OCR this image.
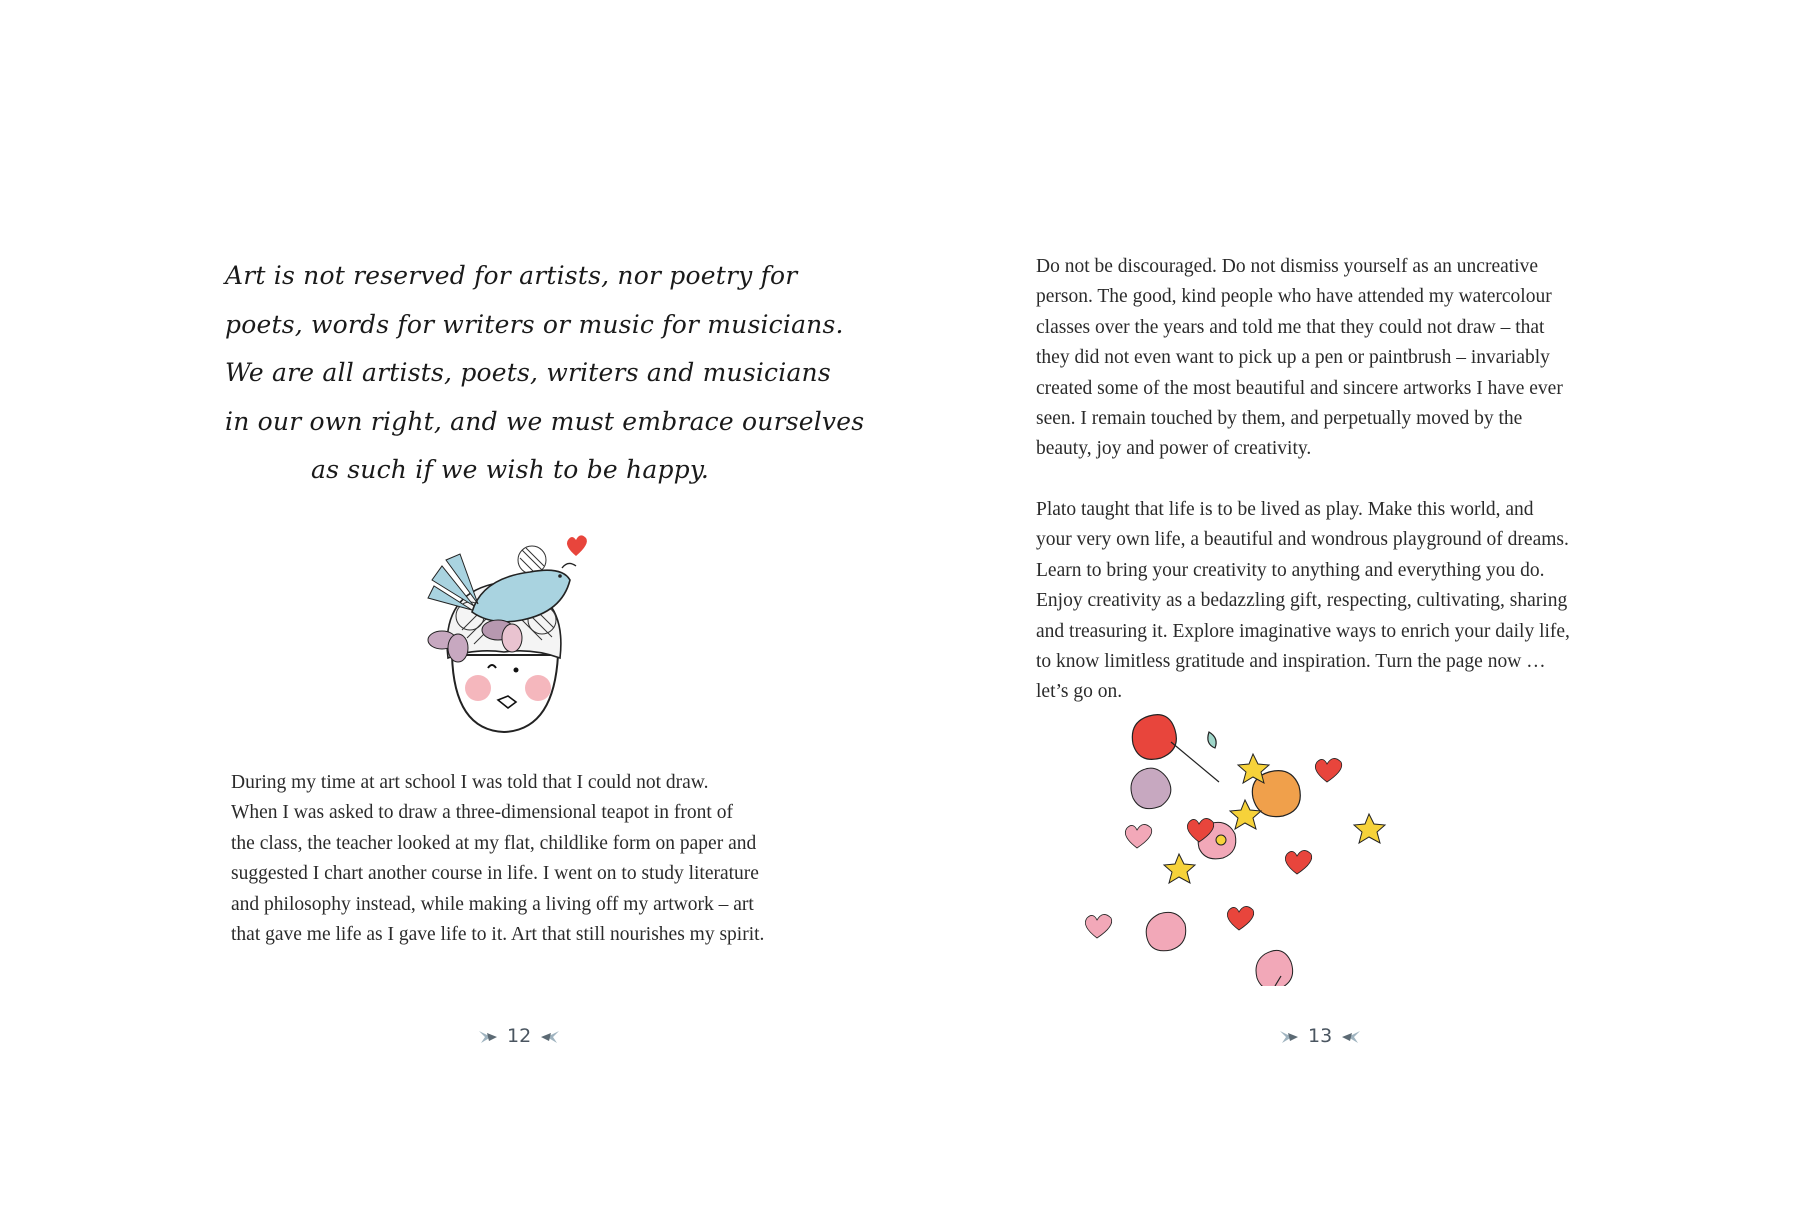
Art is not reserved for artists, nor poetry for
poets, words for writers or music for musicians.
We are all artists, poets, writers and musicians
in our own right, and we must embrace ourselves
as such if we wish to be happy.
During my time at art school I was told that I could not draw.
When I was asked to draw a three-dimensional teapot in front of
the class, the teacher looked at my flat, childlike form on paper and
suggested I chart another course in life. I went on to study literature
and philosophy instead, while making a living off my artwork – art
that gave me life as I gave life to it. Art that still nourishes my spirit.
12
Do not be discouraged. Do not dismiss yourself as an uncreative
person. The good, kind people who have attended my watercolour
classes over the years and told me that they could not draw – that
they did not even want to pick up a pen or paintbrush – invariably
created some of the most beautiful and sincere artworks I have ever
seen. I remain touched by them, and perpetually moved by the
beauty, joy and power of creativity.
Plato taught that life is to be lived as play. Make this world, and
your very own life, a beautiful and wondrous playground of dreams.
Learn to bring your creativity to anything and everything you do.
Enjoy creativity as a bedazzling gift, respecting, cultivating, sharing
and treasuring it. Explore imaginative ways to enrich your daily life,
to know limitless gratitude and inspiration. Turn the page now …
let’s go on.
13
